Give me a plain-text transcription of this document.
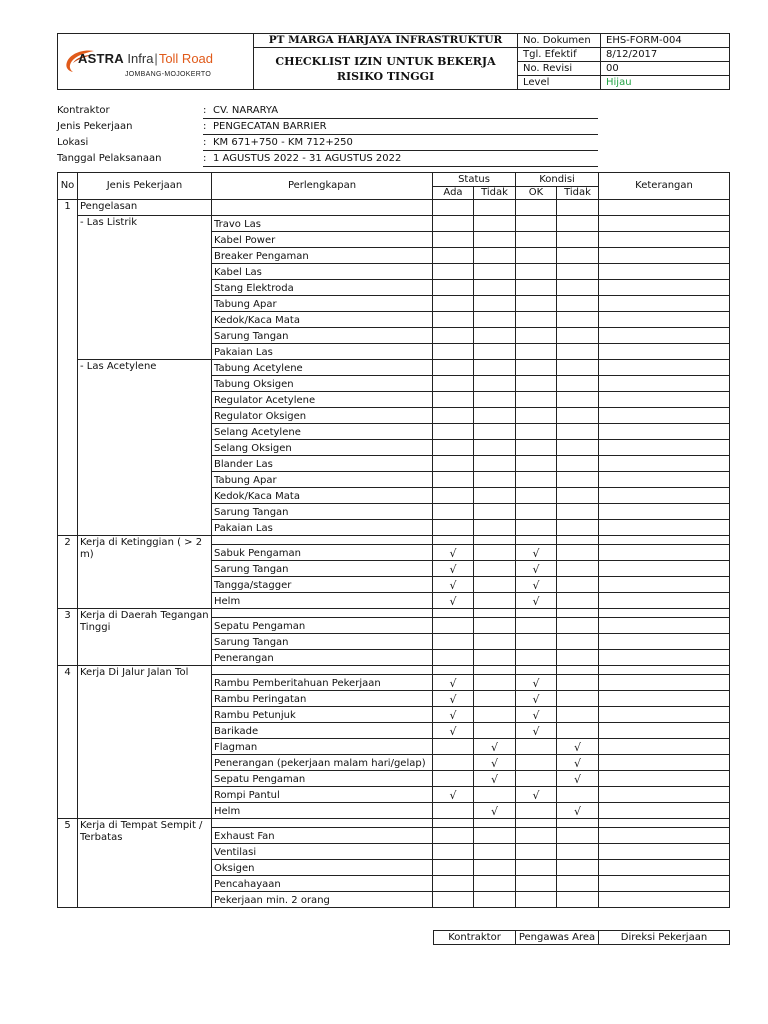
ASTRA Infra|Toll Road
JOMBANG-MOJOKERTO	PT MARGA HARJAYA INFRASTRUKTUR	No. Dokumen	EHS-FORM-004

	CHECKLIST IZIN UNTUK BEKERJA
RISIKO TINGGI	Tgl. Efektif	8/12/2017
		No. Revisi	00
		Level	Hijau
Kontraktor	: CV. NARARYA
Jenis Pekerjaan	: PENGECATAN BARRIER
Lokasi	: KM 671+750 - KM 712+250
Tanggal Pelaksanaan	: 1 AGUSTUS 2022 - 31 AGUSTUS 2022
No	Jenis Pekerjaan	Perlengkapan	Status		Kondisi		Keterangan
			Ada	Tidak	OK	Tidak	
1	Pengelasan						
	- Las Listrik	Travo Las					
		Kabel Power					
		Breaker Pengaman					
		Kabel Las					
		Stang Elektroda					
		Tabung Apar					
		Kedok/Kaca Mata					
		Sarung Tangan					
		Pakaian Las					
	- Las Acetylene	Tabung Acetylene					
		Tabung Oksigen					
		Regulator Acetylene					
		Regulator Oksigen					
		Selang Acetylene					
		Selang Oksigen					
		Blander Las					
		Tabung Apar					
		Kedok/Kaca Mata					
		Sarung Tangan					
		Pakaian Las					
2	Kerja di Ketinggian ( > 2 m)						
		Sabuk Pengaman	√		√		
		Sarung Tangan	√		√		
		Tangga/stagger	√		√		
		Helm	√		√		
3	Kerja di Daerah Tegangan Tinggi						
		Sepatu Pengaman					
		Sarung Tangan					
		Penerangan					
4	Kerja Di Jalur Jalan Tol						
		Rambu Pemberitahuan Pekerjaan	√		√		
		Rambu Peringatan	√		√		
		Rambu Petunjuk	√		√		
		Barikade	√		√		
		Flagman		√		√	
		Penerangan (pekerjaan malam hari/gelap)		√		√	
		Sepatu Pengaman		√		√	
		Rompi Pantul	√		√		
		Helm		√		√	
5	Kerja di Tempat Sempit / Terbatas						
		Exhaust Fan					
		Ventilasi					
		Oksigen					
		Pencahayaan					
		Pekerjaan min. 2 orang					
Kontraktor	Pengawas Area	Direksi Pekerjaan
